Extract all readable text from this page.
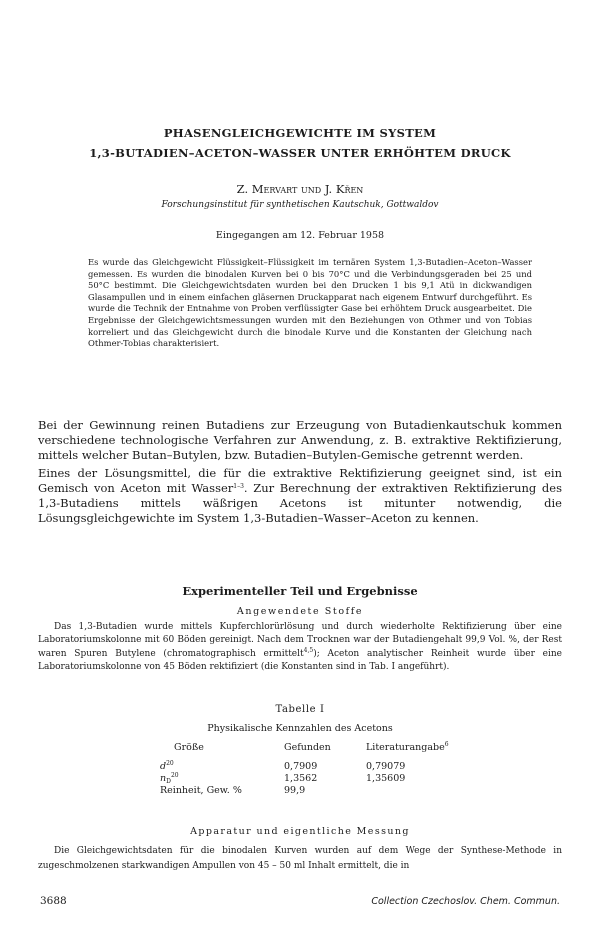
PHASENGLEICHGEWICHTE IM SYSTEM
1,3-BUTADIEN–ACETON–WASSER UNTER ERHÖHTEM DRUCK
Z. Mervart und J. Křen
Forschungsinstitut für synthetischen Kautschuk, Gottwaldov
Eingegangen am 12. Februar 1958
Es wurde das Gleichgewicht Flüssigkeit–Flüssigkeit im ternären System 1,3-Butadien–Aceton–Wasser gemessen. Es wurden die binodalen Kurven bei 0 bis 70°C und die Verbindungsgeraden bei 25 und 50°C bestimmt. Die Gleichgewichtsdaten wurden bei den Drucken 1 bis 9,1 Atü in dickwandigen Glasampullen und in einem einfachen gläsernen Druckapparat nach eigenem Entwurf durchgeführt. Es wurde die Technik der Entnahme von Proben verflüssigter Gase bei erhöhtem Druck ausgearbeitet. Die Ergebnisse der Gleichgewichtsmessungen wurden mit den Beziehungen von Othmer und von Tobias korreliert und das Gleichgewicht durch die binodale Kurve und die Konstanten der Gleichung nach Othmer-Tobias charakterisiert.

Bei der Gewinnung reinen Butadiens zur Erzeugung von Butadienkautschuk kommen verschiedene technologische Verfahren zur Anwendung, z. B. extraktive Rektifizierung, mittels welcher Butan–Butylen, bzw. Butadien–Butylen-Gemische getrennt werden.

Eines der Lösungsmittel, die für die extraktive Rektifizierung geeignet sind, ist ein Gemisch von Aceton mit Wasser$^{1-3}$. Zur Berechnung der extraktiven Rektifizierung des 1,3-Butadiens mittels wäßrigen Acetons ist mitunter notwendig, die Lösungsgleichgewichte im System 1,3-Butadien–Wasser–Aceton zu kennen.

Experimenteller Teil und Ergebnisse
Angewendete Stoffe
Das 1,3-Butadien wurde mittels Kupferchlorürlösung und durch wiederholte Rektifizierung über eine Laboratoriumskolonne mit 60 Böden gereinigt. Nach dem Trocknen war der Butadiengehalt 99,9 Vol. %, der Rest waren Spuren Butylene (chromatographisch ermittelt$^{4,5}$); Aceton analytischer Reinheit wurde über eine Laboratoriumskolonne von 45 Böden rektifiziert (die Konstanten sind in Tab. I angeführt).
Tabelle I
Physikalische Kennzahlen des Acetons
Größe	Gefunden	Literaturangabe$^6$
$d^{20}$	0,7909	0,79079
$n_D^{20}$	1,3562	1,35609
Reinheit, Gew. %	99,9	
Apparatur und eigentliche Messung
Die Gleichgewichtsdaten für die binodalen Kurven wurden auf dem Wege der Synthese-Methode in zugeschmolzenen starkwandigen Ampullen von 45 – 50 ml Inhalt ermittelt, die in
3688	Collection Czechoslov. Chem. Commun.
